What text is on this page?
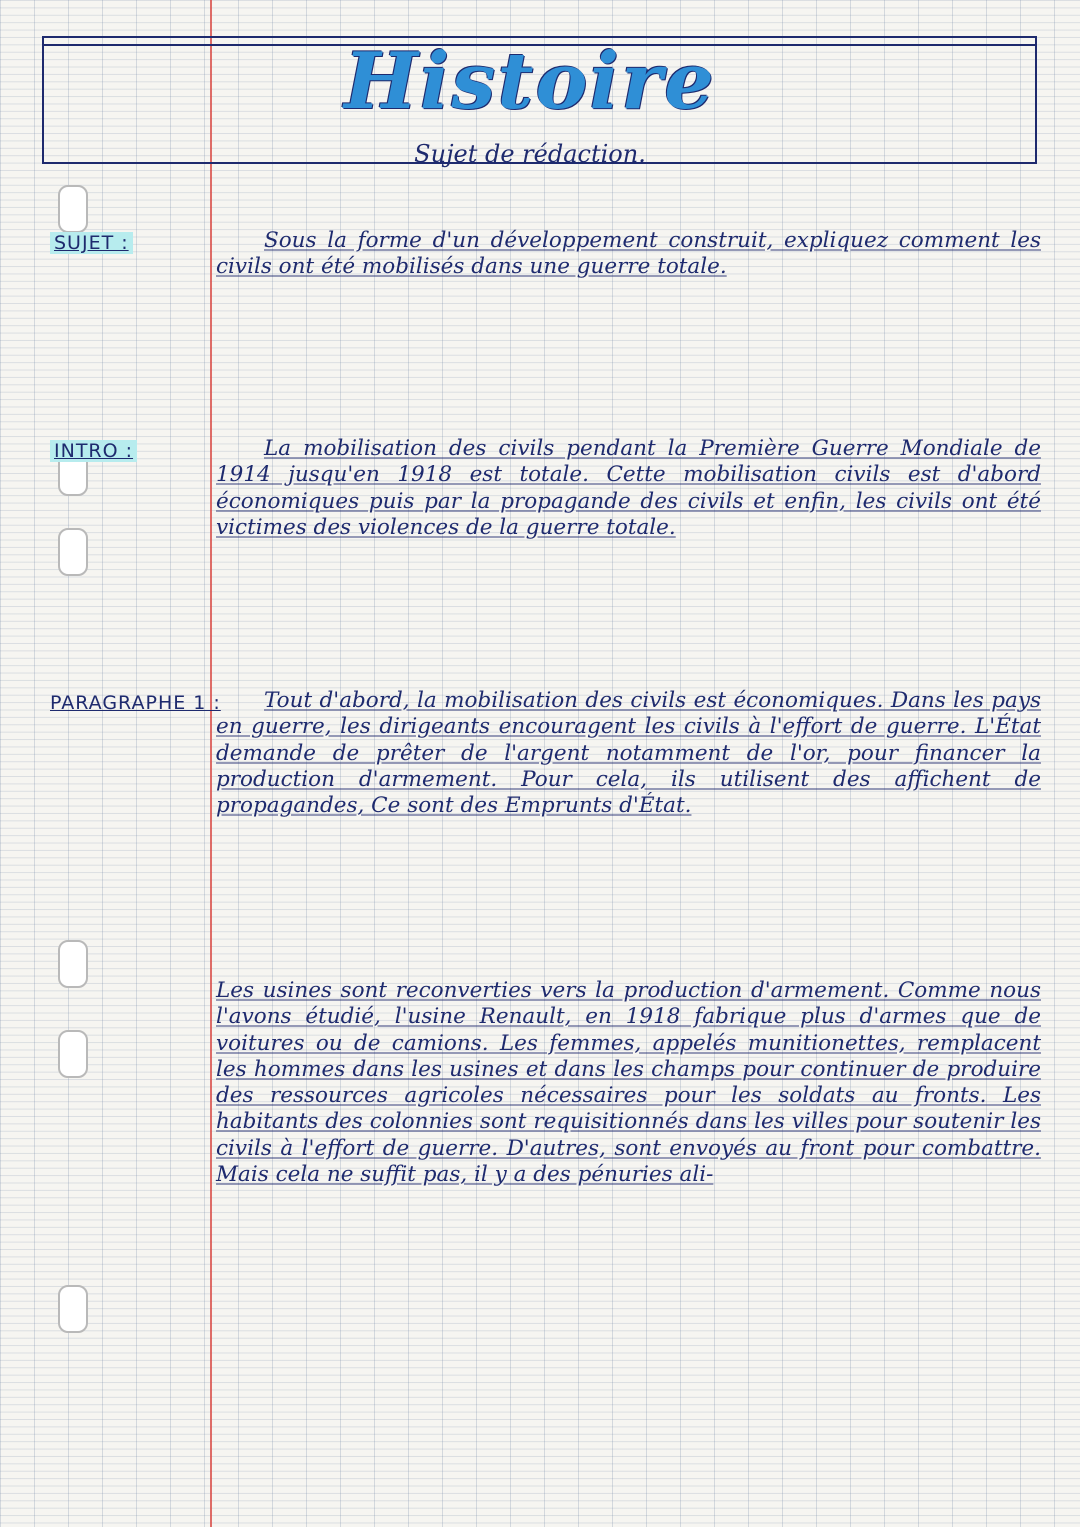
Histoire
Sujet de rédaction.
SUJET :	Sous la forme d'un développement construit, expliquez comment les civils ont été mobilisés dans une guerre totale.
INTRO :	La mobilisation des civils pendant la Première Guerre Mondiale de 1914 jusqu'en 1918 est totale. Cette mobilisation civils est d'abord économiques puis par la propagande des civils et enfin, les civils ont été victimes des violences de la guerre totale.
PARAGRAPHE 1 :	Tout d'abord, la mobilisation des civils est économiques. Dans les pays en guerre, les dirigeants encouragent les civils à l'effort de guerre. L'État demande de prêter de l'argent notamment de l'or, pour financer la production d'armement. Pour cela, ils utilisent des affichent de propagandes, Ce sont des Emprunts d'État.
Les usines sont reconverties vers la production d'armement. Comme nous l'avons étudié, l'usine Renault, en 1918 fabrique plus d'armes que de voitures ou de camions. Les femmes, appelés munitionettes, remplacent les hommes dans les usines et dans les champs pour continuer de produire des ressources agricoles nécessaires pour les soldats au fronts. Les habitants des colonnies sont requisitionnés dans les villes pour soutenir les civils à l'effort de guerre. D'autres, sont envoyés au front pour combattre. Mais cela ne suffit pas, il y a des pénuries ali-
